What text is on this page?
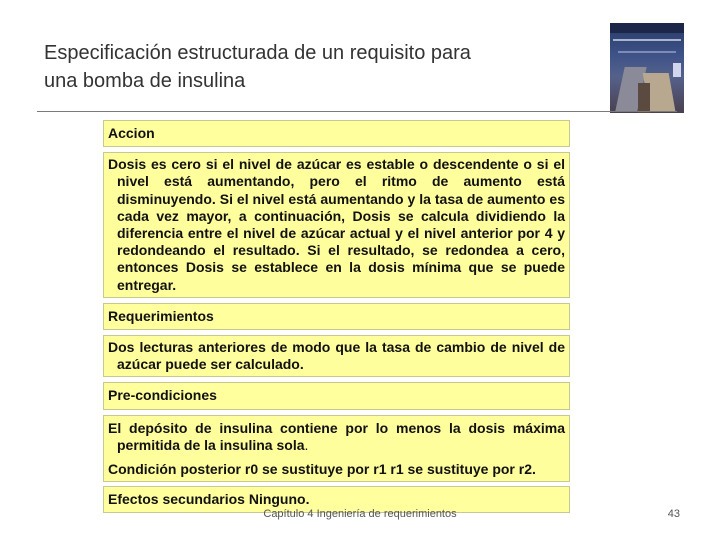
Especificación estructurada de un requisito para
una bomba de insulina
Accion
Dosis es cero si el nivel de azúcar es estable o descendente o si el nivel está aumentando, pero el ritmo de aumento está disminuyendo. Si el nivel está aumentando y la tasa de aumento es cada vez mayor, a continuación, Dosis se calcula dividiendo la diferencia entre el nivel de azúcar actual y el nivel anterior por 4 y redondeando el resultado. Si el resultado, se redondea a cero, entonces Dosis se establece en la dosis mínima que se puede entregar.
Requerimientos
Dos lecturas anteriores de modo que la tasa de cambio de nivel de azúcar puede ser calculado.
Pre-condiciones

El depósito de insulina contiene por lo menos la dosis máxima permitida de la insulina sola.

Condición posterior r0 se sustituye por r1 r1 se sustituye por r2.

Efectos secundarios Ninguno.
Capítulo 4 Ingeniería de requerimientos	43
